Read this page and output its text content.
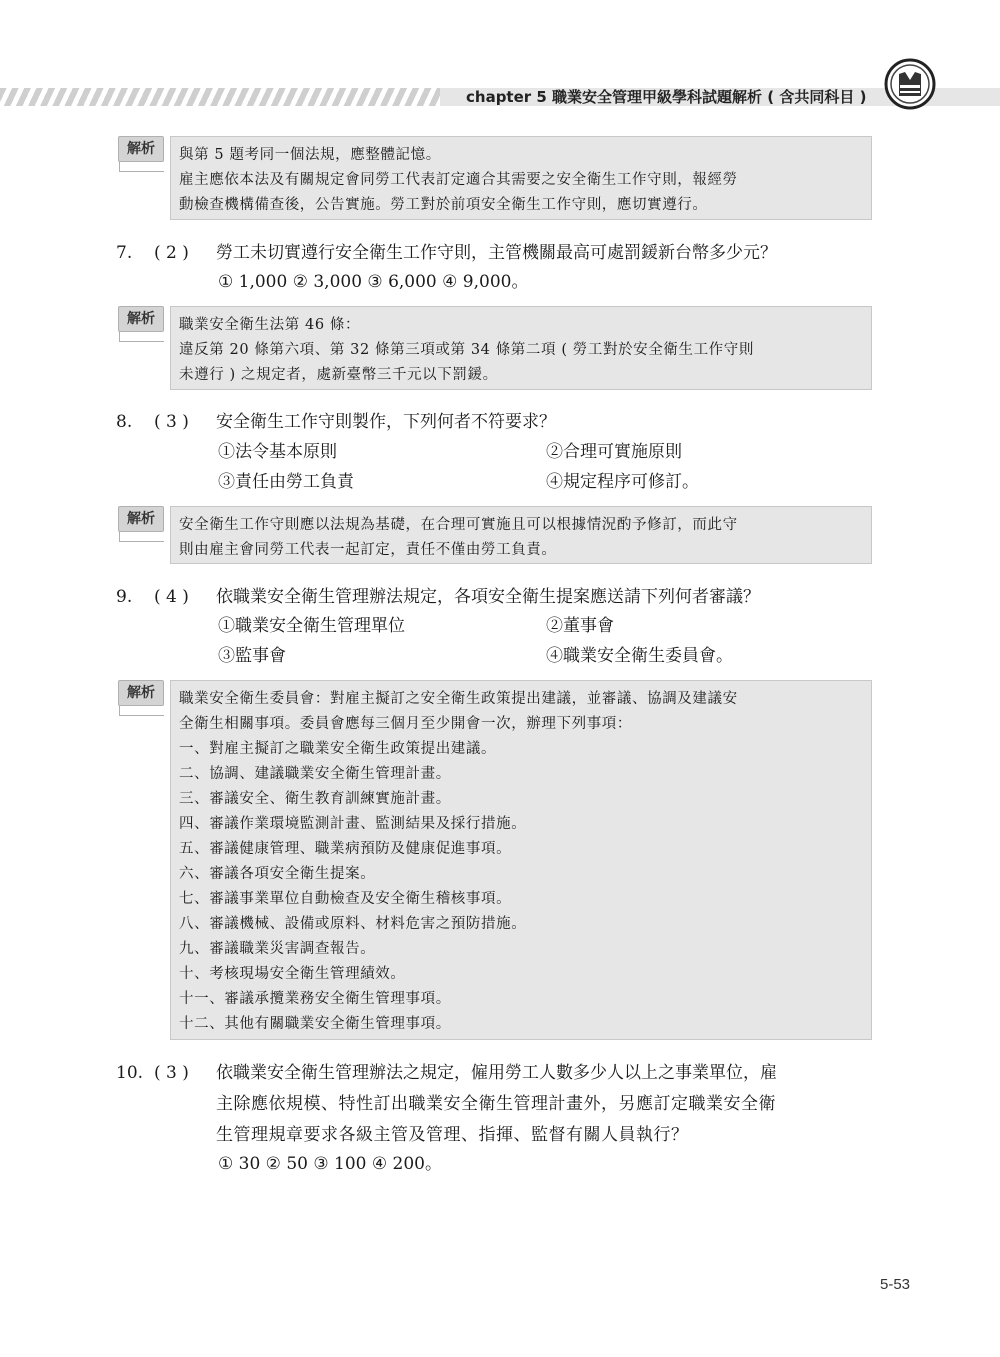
chapter 5 職業安全管理甲級學科試題解析 ( 含共同科目 )
解析	與第 5 題考同一個法規，應整體記憶。
雇主應依本法及有關規定會同勞工代表訂定適合其需要之安全衛生工作守則，報經勞
動檢查機構備查後，公告實施。勞工對於前項安全衛生工作守則，應切實遵行。
7. ( 2 ) 勞工未切實遵行安全衛生工作守則，主管機關最高可處罰鍰新台幣多少元？
① 1,000 ② 3,000 ③ 6,000 ④ 9,000。
解析	職業安全衛生法第 46 條：
違反第 20 條第六項、第 32 條第三項或第 34 條第二項 ( 勞工對於安全衛生工作守則
未遵行 ) 之規定者，處新臺幣三千元以下罰鍰。
8. ( 3 ) 安全衛生工作守則製作，下列何者不符要求？
①法令基本原則	②合理可實施原則
③責任由勞工負責	④規定程序可修訂。
解析	安全衛生工作守則應以法規為基礎，在合理可實施且可以根據情況酌予修訂，而此守
則由雇主會同勞工代表一起訂定，責任不僅由勞工負責。
9. ( 4 ) 依職業安全衛生管理辦法規定，各項安全衛生提案應送請下列何者審議？
①職業安全衛生管理單位	②董事會
③監事會	④職業安全衛生委員會。
解析	職業安全衛生委員會：對雇主擬訂之安全衛生政策提出建議，並審議、協調及建議安
全衛生相關事項。委員會應每三個月至少開會一次，辦理下列事項：
一、對雇主擬訂之職業安全衛生政策提出建議。
二、協調、建議職業安全衛生管理計畫。
三、審議安全、衛生教育訓練實施計畫。
四、審議作業環境監測計畫、監測結果及採行措施。
五、審議健康管理、職業病預防及健康促進事項。
六、審議各項安全衛生提案。
七、審議事業單位自動檢查及安全衛生稽核事項。
八、審議機械、設備或原料、材料危害之預防措施。
九、審議職業災害調查報告。
十、考核現場安全衛生管理績效。
十一、審議承攬業務安全衛生管理事項。
十二、其他有關職業安全衛生管理事項。
10. ( 3 ) 依職業安全衛生管理辦法之規定，僱用勞工人數多少人以上之事業單位，雇
主除應依規模、特性訂出職業安全衛生管理計畫外，另應訂定職業安全衛
生管理規章要求各級主管及管理、指揮、監督有關人員執行？
① 30 ② 50 ③ 100 ④ 200。
5-53
